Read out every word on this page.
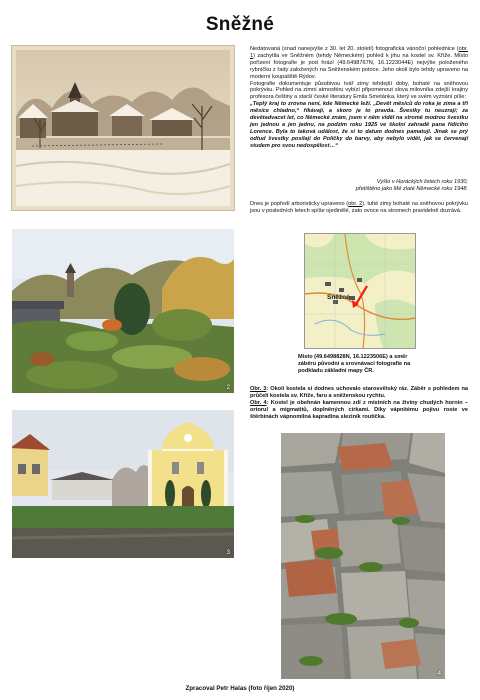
Sněžné
Nedatovaná (snad nanejvýše z 30. let 20. století) fotografická vánoční pohlednice (obr. 1) zachytila ve Sněžném (tehdy Německém) pohled k jihu na kostel sv. Kříže. Místo pořízení fotografie je pod hrází (49.6498767N, 16.1223044E) nejvýše položeného rybníčku z řady založených na Sněženském potoce. Jeho okolí bylo tehdy upraveno na moderní koupaliště Rýdov.
Fotografie dokumentuje působivou tvář zimy tehdejší doby, bohaté na sněhovou pokrývku. Pohled na zimní atmosféru vybízí připomenout slova milovníka zdejší krajiny profesora češtiny a starší české literatury Emila Smetánka, který ve svém vyznání píše:
„Teplý kraj to zrovna není, kde Německé leží. „Devět měsíců do roka je zima a tři měsíce chladno,“ říkávají, a skoro je to pravda. Švestky tu neuzrají; za devětadvacet let, co Německé znám, jsem v něm viděl na stromě modrou švestku jen jednou a jen jednu, na podzim roku 1925 ve školní zahradě pana řídicího Lorence. Byla to taková událost, že si to datum dodnes pamatuji. Jinak se prý odtud švestky posílají do Poličky do barvy, aby nebylo vidět, jak se červenají studem pro svou nedospělost…“
Vyšlo v Horáckých listech roku 1930,
přetištěno jako Mé zlaté Německé roku 1948.
Dnes je popředí arboristicky upraveno (obr. 2), tuhé zimy bohaté na sněhovou pokrývku jsou v posledních letech spíše ojedinělé, zato ovoce na stromech pravidelně dozrává.
2
Sněžné
Místo (49.6498828N, 16.1223506E) a směr záběru původní a srovnávací fotografie na podkladu základní mapy ČR.
Obr. 3: Okolí kostela si dodnes uchovalo starosvětský ráz. Záběr s pohledem na průčelí kostela sv. Kříže, faru a sněženskou rychtu.
Obr. 4: Kostel je obehnán kamennou zdí z místních na živiny chudých hornin – ortorul a migmatitů, doplněných církami. Díky vápnitému pojivu roste ve štěrbinách vápnomilná kapradina sleziník routička.
3
4
Zpracoval Petr Halas (foto říjen 2020)
